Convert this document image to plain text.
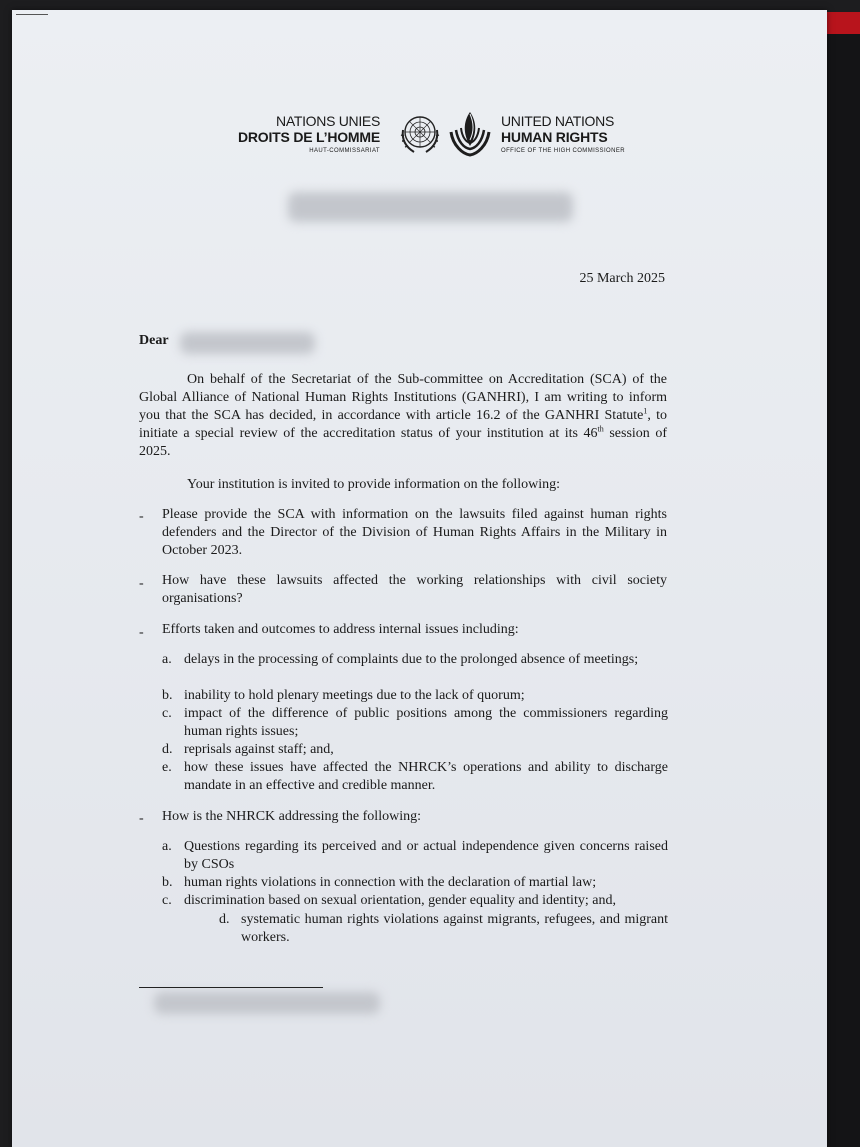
NATIONS UNIES
DROITS DE L’HOMME
HAUT-COMMISSARIAT
UNITED NATIONS
HUMAN RIGHTS
OFFICE OF THE HIGH COMMISSIONER
25 March 2025
Dear

On behalf of the Secretariat of the Sub-committee on Accreditation (SCA) of the Global Alliance of National Human Rights Institutions (GANHRI), I am writing to inform you that the SCA has decided, in accordance with article 16.2 of the GANHRI Statute$^1$, to initiate a special review of the accreditation status of your institution at its 46th session of 2025.

Your institution is invited to provide information on the following:
- Please provide the SCA with information on the lawsuits filed against human rights defenders and the Director of the Division of Human Rights Affairs in the Military in October 2023.

- How have these lawsuits affected the working relationships with civil society organisations?

- Efforts taken and outcomes to address internal issues including:

a. delays in the processing of complaints due to the prolonged absence of meetings;

b. inability to hold plenary meetings due to the lack of quorum;

c. impact of the difference of public positions among the commissioners regarding human rights issues;

d. reprisals against staff; and,

e. how these issues have affected the NHRCK’s operations and ability to discharge mandate in an effective and credible manner.

- How is the NHRCK addressing the following:

a. Questions regarding its perceived and or actual independence given concerns raised by CSOs

b. human rights violations in connection with the declaration of martial law;

c. discrimination based on sexual orientation, gender equality and identity; and,

d. systematic human rights violations against migrants, refugees, and migrant workers.
